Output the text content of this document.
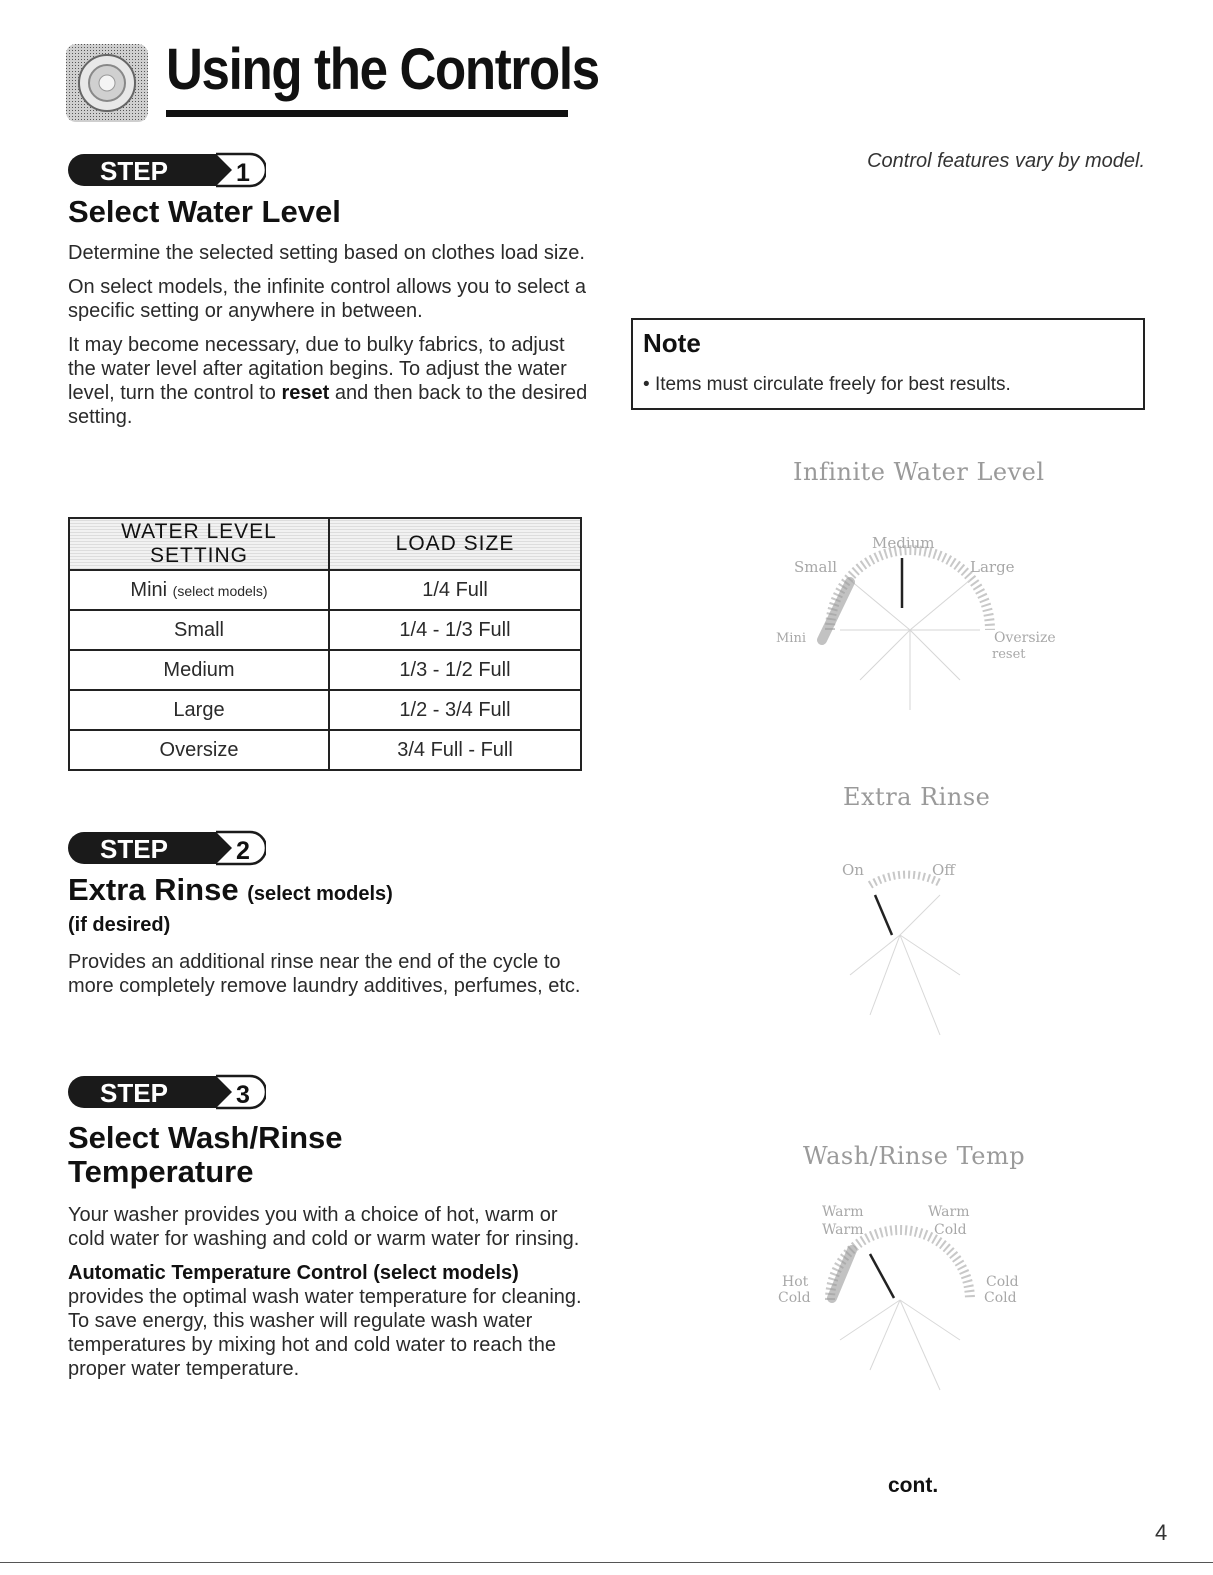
Using the Controls
Control features vary by model.
STEP	1
Select Water Level

Determine the selected setting based on clothes load size.

On select models, the infinite control allows you to select a specific setting or anywhere in between.

It may become necessary, due to bulky fabrics, to adjust the water level after agitation begins. To adjust the water level, turn the control to reset and then back to the desired setting.

WATER LEVEL SETTING	LOAD SIZE
Mini (select models)	1/4 Full
Small	1/4 - 1/3 Full
Medium	1/3 - 1/2 Full
Large	1/2 - 3/4 Full
Oversize	3/4 Full - Full
Note
• Items must circulate freely for best results.
Infinite Water Level
Medium
Small	Large
Mini	Oversize
reset
Extra Rinse
On	Off
STEP	2
Extra Rinse (select models)
(if desired)

Provides an additional rinse near the end of the cycle to more completely remove laundry additives, perfumes, etc.

STEP	3
Select Wash/Rinse
Temperature

Your washer provides you with a choice of hot, warm or cold water for washing and cold or warm water for rinsing.

Automatic Temperature Control (select models)

provides the optimal wash water temperature for cleaning. To save energy, this washer will regulate wash water temperatures by mixing hot and cold water to reach the proper water temperature.

Wash/Rinse Temp
Warm
Warm
Warm
Cold
Hot
Cold
Cold
Cold
cont.
4
